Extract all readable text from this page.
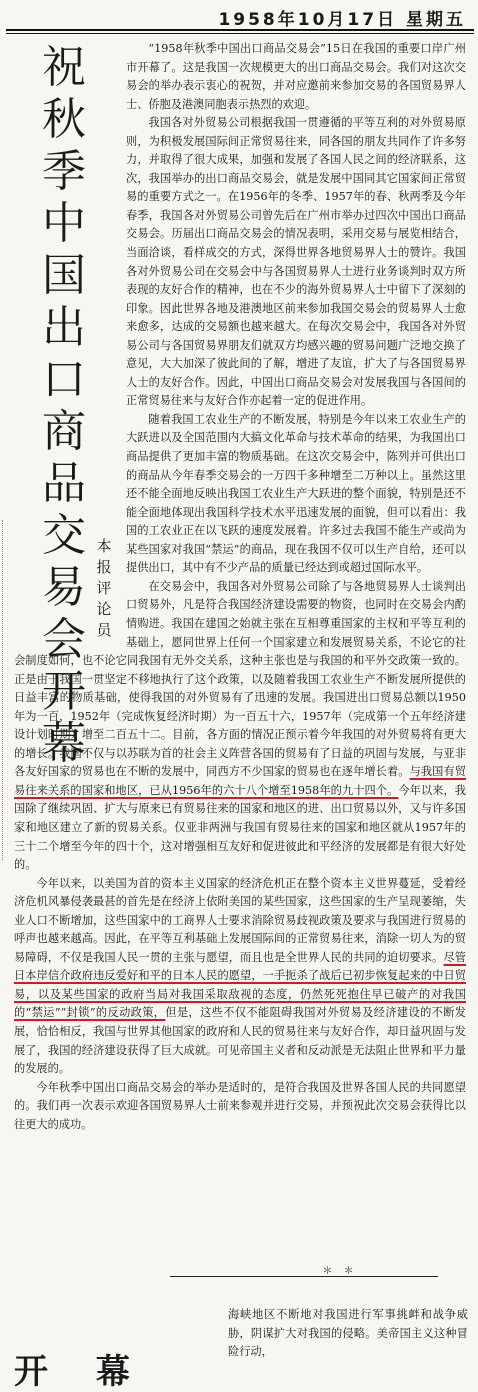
1958年10月17日 星期五
祝
秋
季
中
国
出
口
商
品
交
易
会
开
幕
本
报
评
论
员

“1958年秋季中国出口商品交易会”15日在我国的重要口岸广州市开幕了。这是我国一次规模更大的出口商品交易会。我们对这次交易会的举办表示衷心的祝贺，并对应邀前来参加交易的各国贸易界人士、侨胞及港澳同胞表示热烈的欢迎。

我国各对外贸易公司根据我国一贯遵循的平等互利的对外贸易原则，为积极发展国际间正常贸易往来，同各国的朋友共同作了许多努力，并取得了很大成果，加强和发展了各国人民之间的经济联系，这次，我国举办的出口商品交易会，就是发展中国同其它国家间正常贸易的重要方式之一。在1956年的冬季、1957年的春、秋两季及今年春季，我国各对外贸易公司曾先后在广州市举办过四次中国出口商品交易会。历届出口商品交易会的情况表明，采用交易与展览相结合，当面洽谈，看样成交的方式，深得世界各地贸易界人士的赞许。我国各对外贸易公司在交易会中与各国贸易界人士进行业务谈判时双方所表现的友好合作的精神，也在不少的海外贸易界人士中留下了深刻的印象。因此世界各地及港澳地区前来参加我国交易会的贸易界人士愈来愈多，达成的交易额也越来越大。在每次交易会中，我国各对外贸易公司与各国贸易界朋友们就双方均感兴趣的贸易问题广泛地交换了意见，大大加深了彼此间的了解，增进了友谊，扩大了与各国贸易界人士的友好合作。因此，中国出口商品交易会对发展我国与各国间的正常贸易往来与友好合作亦起着一定的促进作用。

随着我国工农业生产的不断发展，特别是今年以来工农业生产的大跃进以及全国范围内大搞文化革命与技术革命的结果，为我国出口商品提供了更加丰富的物质基础。在这次交易会中，陈列并可供出口的商品从今年春季交易会的一万四千多种增至二万种以上。虽然这里还不能全面地反映出我国工农业生产大跃进的整个面貌，特别是还不能全面地体现出我国科学技术水平迅速发展的面貌，但可以看出：我国的工农业正在以飞跃的速度发展着。许多过去我国不能生产或尚为某些国家对我国“禁运”的商品，现在我国不仅可以生产自给，还可以提供出口，其中有不少产品的质量已经达到或超过国际水平。

在交易会中，我国各对外贸易公司除了与各地贸易界人士谈判出口贸易外，凡是符合我国经济建设需要的物资，也同时在交易会内酌情购进。我国在建国之始就主张在互相尊重国家的主权和平等互利的基础上，愿同世界上任何一个国家建立和发展贸易关系，不论它的社会制度如何，也不论它同我国有无外交关系，这种主张也是与我国的和平外交政策一致的。正是由于我国一贯坚定不移地执行了这个政策，以及随着我国工农业生产不断发展所提供的日益丰富的物质基础，使得我国的对外贸易有了迅速的发展。我国进出口贸易总额以1950年为一百，1952年（完成恢复经济时期）为一百五十六，1957年（完成第一个五年经济建设计划时期）增至二百五十二。目前，各方面的情况正预示着今年我国的对外贸易将有更大的增长。我国不仅与以苏联为首的社会主义阵营各国的贸易有了日益的巩固与发展，与亚非各友好国家的贸易也在不断的发展中，同西方不少国家的贸易也在逐年增长着。与我国有贸易往来关系的国家和地区，已从1956年的六十八个增至1958年的九十四个。今年以来，我国除了继续巩固、扩大与原来已有贸易往来的国家和地区的进、出口贸易以外，又与许多国家和地区建立了新的贸易关系。仅亚非两洲与我国有贸易往来的国家和地区就从1957年的三十二个增至今年的四十个，这对增强相互友好和促进彼此和平经济的发展都是有很大好处的。

今年以来，以美国为首的资本主义国家的经济危机正在整个资本主义世界蔓延，受着经济危机风暴侵袭最甚的首先是在经济上依附美国的某些国家，这些国家的生产呈现萎缩，失业人口不断增加，这些国家中的工商界人士要求消除贸易歧视政策及要求与我国进行贸易的呼声也越来越高。因此，在平等互利基础上发展国际间的正常贸易往来，消除一切人为的贸易障碍，不仅是我国人民一贯的主张与愿望，而且也是全世界人民的共同的迫切要求。尽管日本岸信介政府违反爱好和平的日本人民的愿望，一手扼杀了战后已初步恢复起来的中日贸易，以及某些国家的政府当局对我国采取敌视的态度，仍然死死抱住早已破产的对我国的“禁运”“封锁”的反动政策，但是，这些不仅不能阻碍我国对外贸易及经济建设的不断发展，恰恰相反，我国与世界其他国家的政府和人民的贸易往来与友好合作，却日益巩固与发展了，我国的经济建设获得了巨大成就。可见帝国主义者和反动派是无法阻止世界和平力量的发展的。

今年秋季中国出口商品交易会的举办是适时的，是符合我国及世界各国人民的共同愿望的。我们再一次表示欢迎各国贸易界人士前来参观并进行交易，并预祝此次交易会获得比以往更大的成功。

＊ ＊

海峡地区不断地对我国进行军事挑衅和战争威胁，阴谋扩大对我国的侵略。美帝国主义这种冒险行动，

开 幕
